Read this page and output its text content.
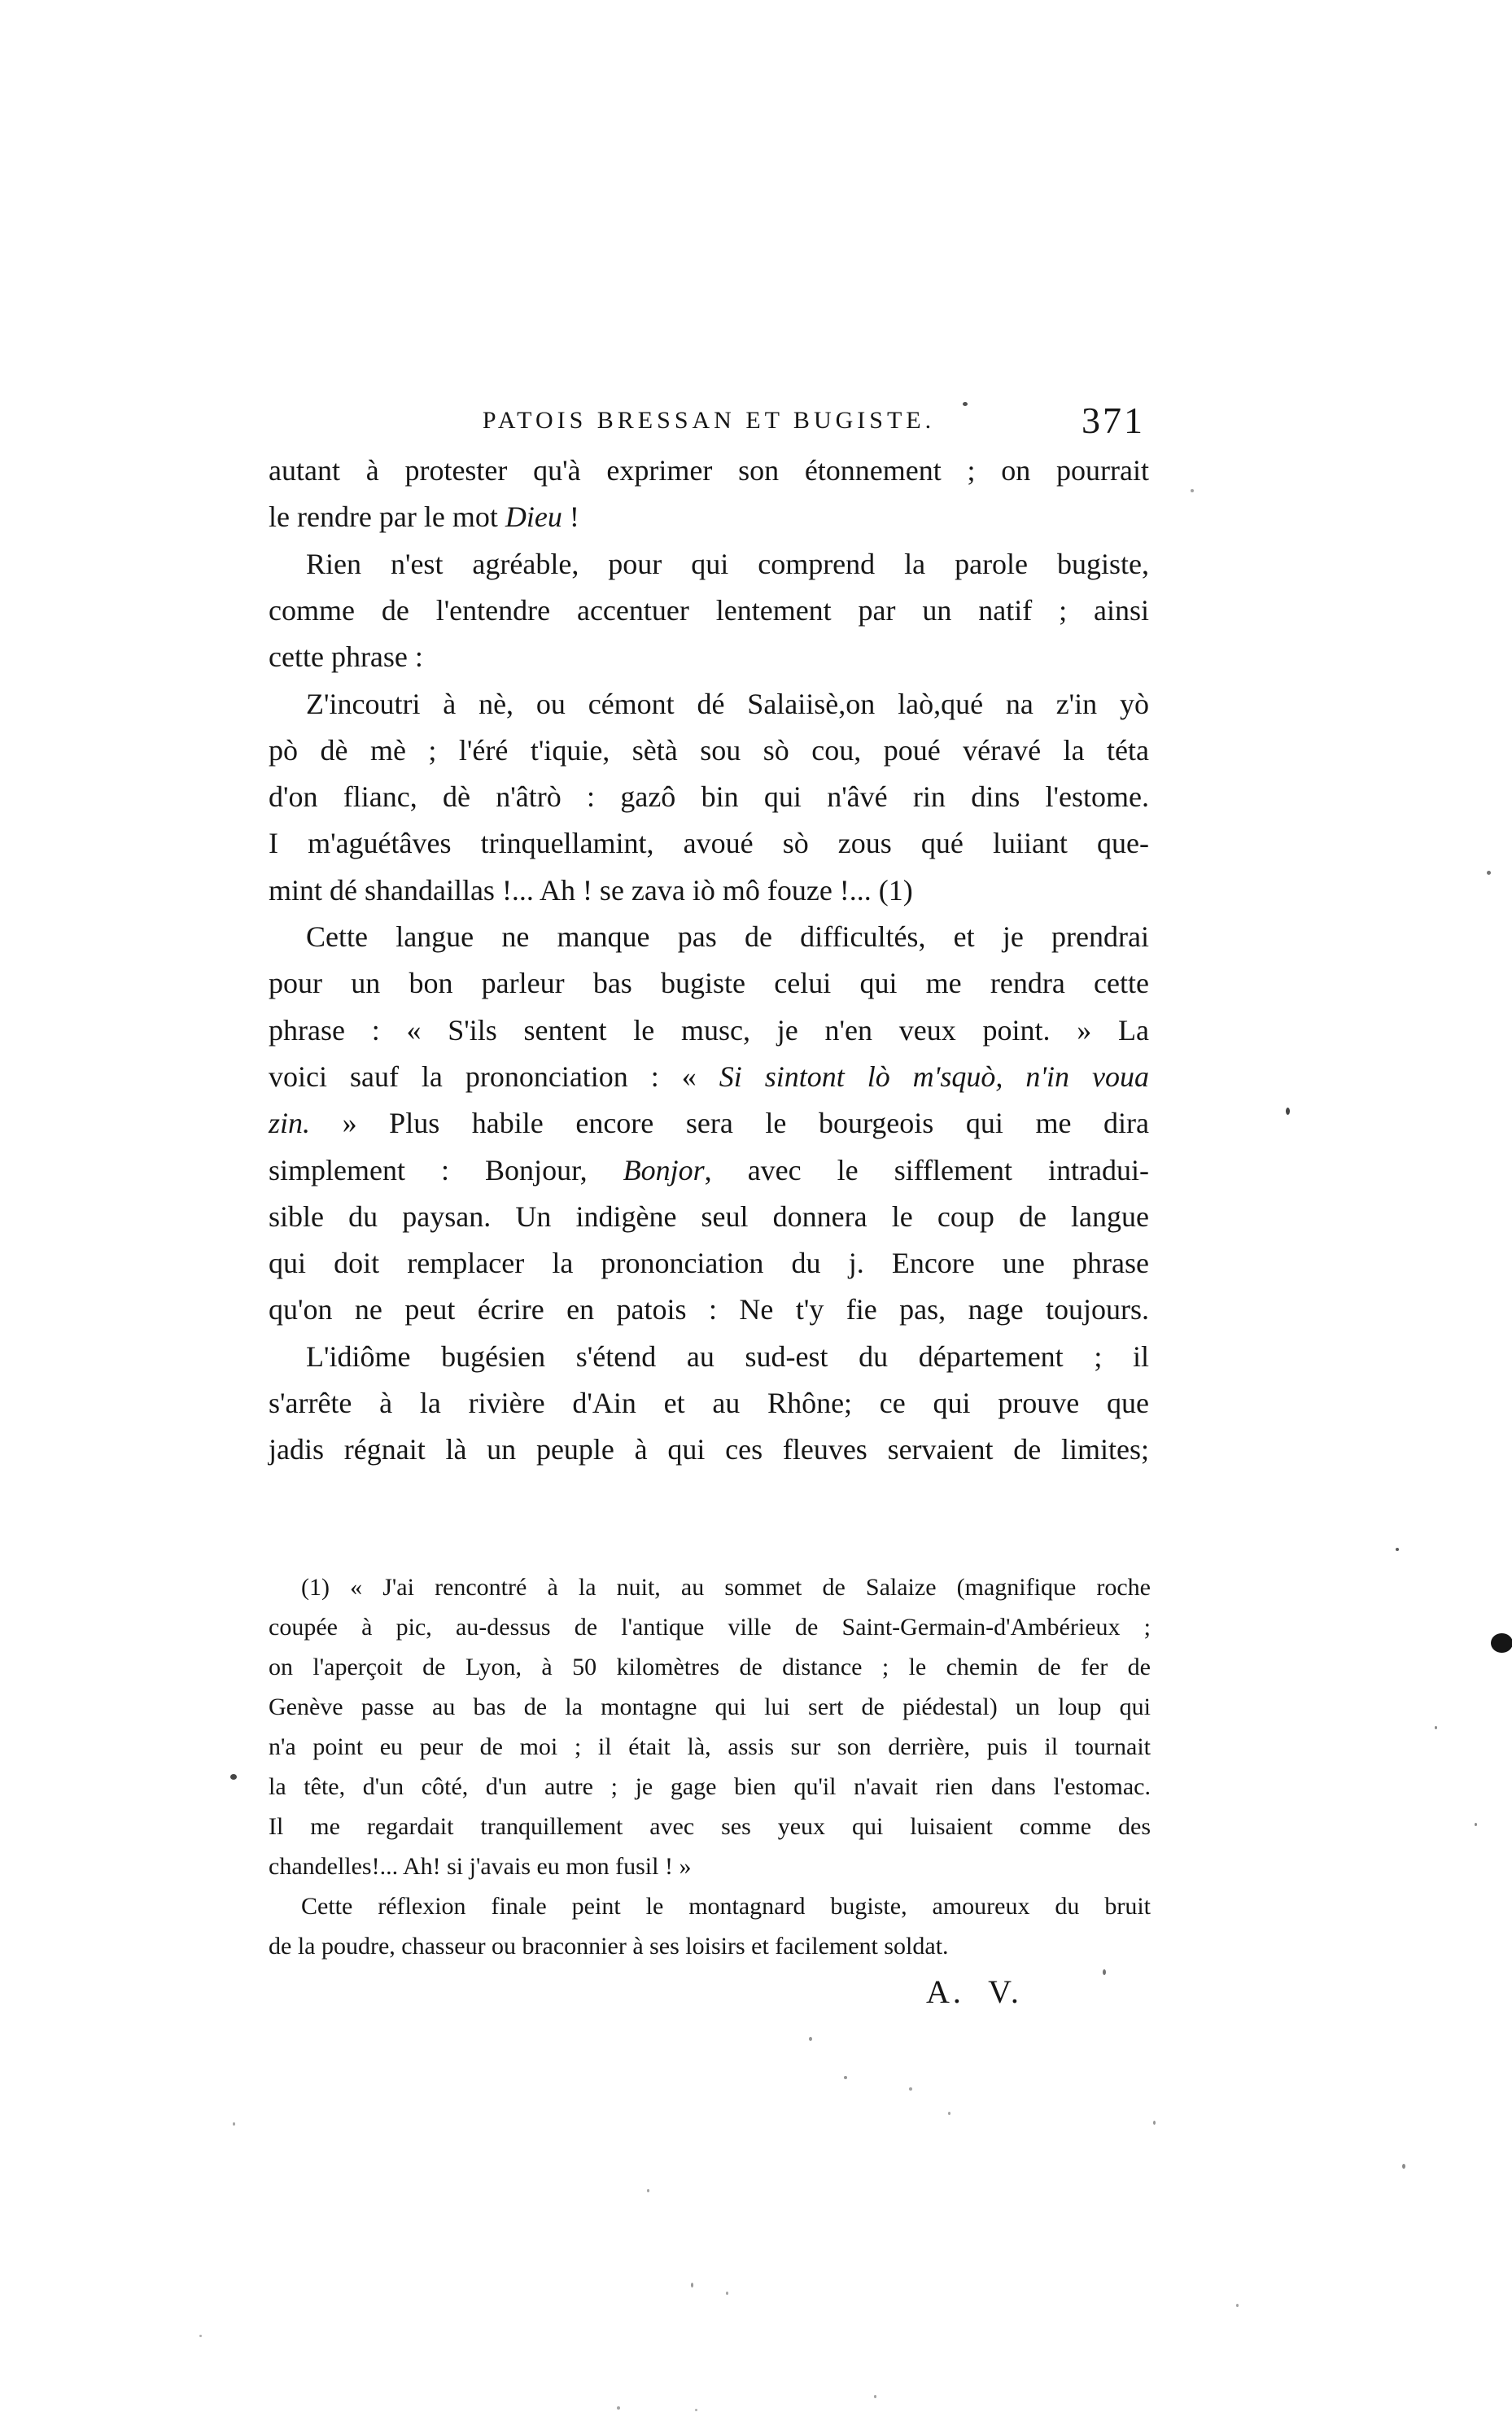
PATOIS BRESSAN ET BUGISTE.	371
autant à protester qu'à exprimer son étonnement ; on pourrait
le rendre par le mot Dieu !
Rien n'est agréable, pour qui comprend la parole bugiste,
comme de l'entendre accentuer lentement par un natif ; ainsi
cette phrase :
Z'incoutri à nè, ou cémont dé Salaiisè,on laò,qué na z'in yò
pò dè mè ; l'éré t'iquie, sètà sou sò cou, poué véravé la téta
d'on flianc, dè n'âtrò : gazô bin qui n'âvé rin dins l'estome.
I m'aguétâves trinquellamint, avoué sò zous qué luiiant que-
mint dé shandaillas !... Ah ! se zava iò mô fouze !... (1)
Cette langue ne manque pas de difficultés, et je prendrai
pour un bon parleur bas bugiste celui qui me rendra cette
phrase : « S'ils sentent le musc, je n'en veux point. » La
voici sauf la prononciation : « Si sintont lò m'squò, n'in voua
zin. » Plus habile encore sera le bourgeois qui me dira
simplement : Bonjour, Bonjor, avec le sifflement intradui-
sible du paysan. Un indigène seul donnera le coup de langue
qui doit remplacer la prononciation du j. Encore une phrase
qu'on ne peut écrire en patois : Ne t'y fie pas, nage toujours.
L'idiôme bugésien s'étend au sud-est du département ; il
s'arrête à la rivière d'Ain et au Rhône; ce qui prouve que
jadis régnait là un peuple à qui ces fleuves servaient de limites;
(1) « J'ai rencontré à la nuit, au sommet de Salaize (magnifique roche
coupée à pic, au-dessus de l'antique ville de Saint-Germain-d'Ambérieux ;
on l'aperçoit de Lyon, à 50 kilomètres de distance ; le chemin de fer de
Genève passe au bas de la montagne qui lui sert de piédestal) un loup qui
n'a point eu peur de moi ; il était là, assis sur son derrière, puis il tournait
la tête, d'un côté, d'un autre ; je gage bien qu'il n'avait rien dans l'estomac.
Il me regardait tranquillement avec ses yeux qui luisaient comme des
chandelles!... Ah! si j'avais eu mon fusil ! »
Cette réflexion finale peint le montagnard bugiste, amoureux du bruit
de la poudre, chasseur ou braconnier à ses loisirs et facilement soldat.
A. V.
